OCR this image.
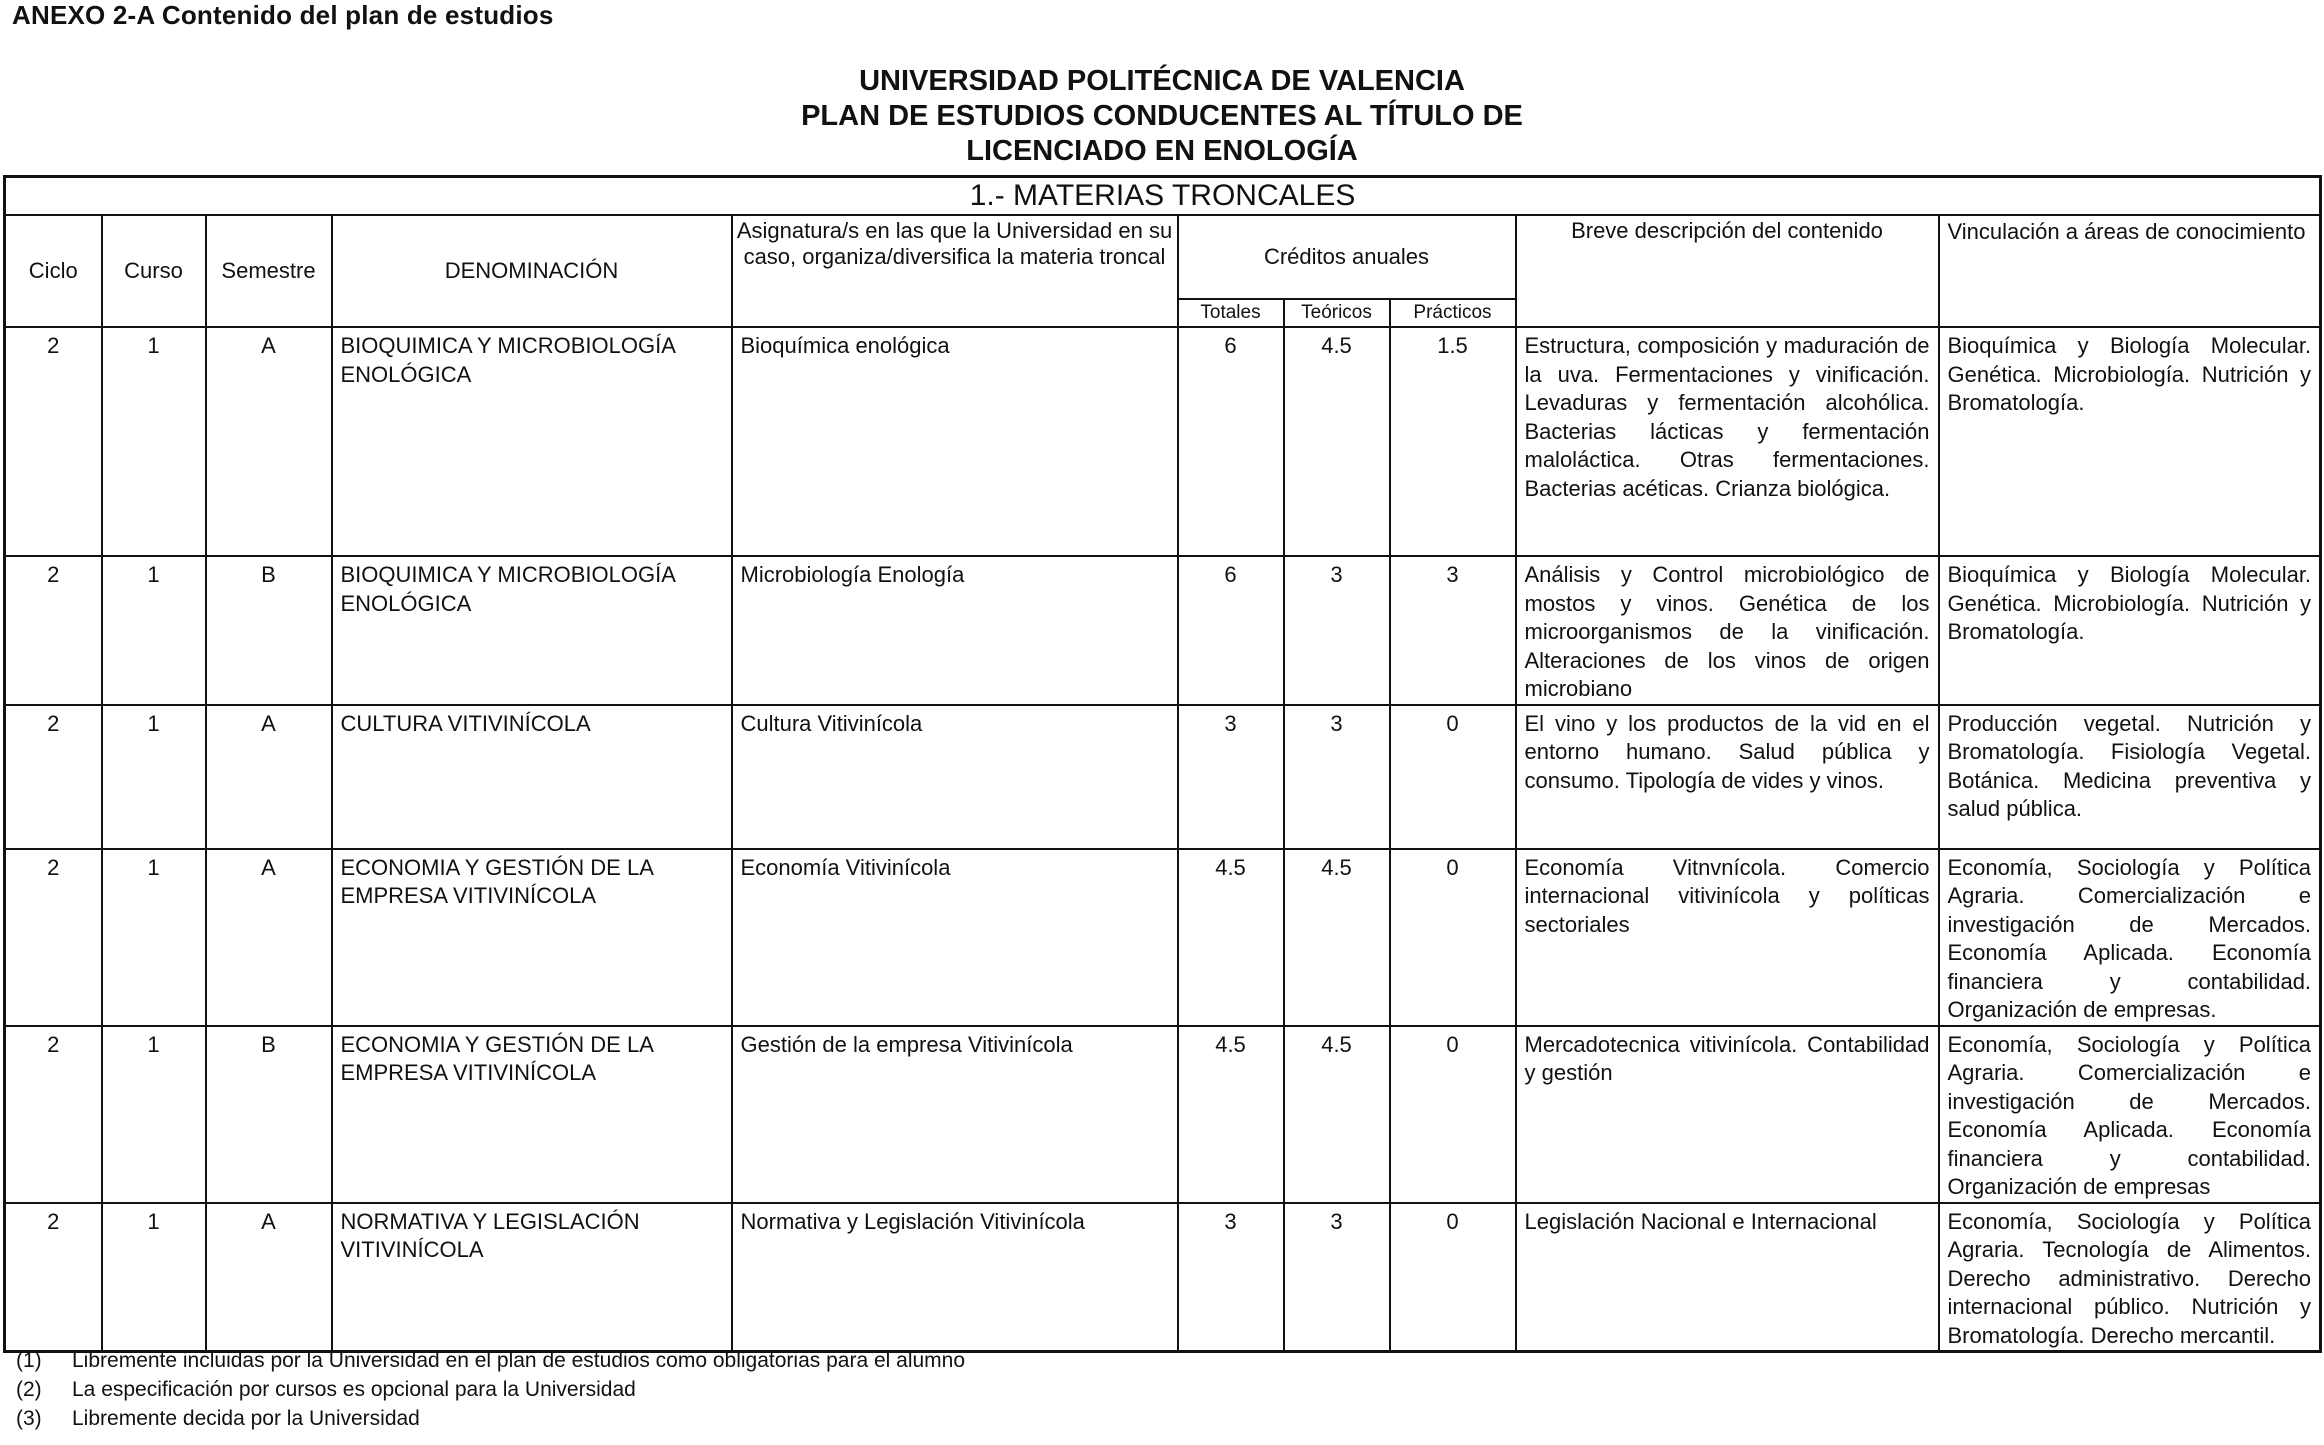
ANEXO 2-A Contenido del plan de estudios
UNIVERSIDAD POLITÉCNICA DE VALENCIA
PLAN DE ESTUDIOS CONDUCENTES AL TÍTULO DE
LICENCIADO EN ENOLOGÍA
1.- MATERIAS TRONCALES									
Ciclo	Curso	Semestre	DENOMINACIÓN	Asignatura/s en las que la Universidad en su caso, organiza/diversifica la materia troncal	Créditos anuales			Breve descripción del contenido	Vinculación a áreas de conocimiento
					Totales	Teóricos	Prácticos		
2	1	A	BIOQUIMICA Y MICROBIOLOGÍA ENOLÓGICA	Bioquímica enológica	6	4.5	1.5	Estructura, composición y maduración de la uva. Fermentaciones y vinificación. Levaduras y fermentación alcohólica. Bacterias lácticas y fermentación maloláctica. Otras fermentaciones. Bacterias acéticas. Crianza biológica.	Bioquímica y Biología Molecular. Genética. Microbiología. Nutrición y Bromatología.
2	1	B	BIOQUIMICA Y MICROBIOLOGÍA ENOLÓGICA	Microbiología Enología	6	3	3	Análisis y Control microbiológico de mostos y vinos. Genética de los microorganismos de la vinificación. Alteraciones de los vinos de origen microbiano	Bioquímica y Biología Molecular. Genética. Microbiología. Nutrición y Bromatología.
2	1	A	CULTURA VITIVINÍCOLA	Cultura Vitivinícola	3	3	0	El vino y los productos de la vid en el entorno humano. Salud pública y consumo. Tipología de vides y vinos.	Producción vegetal. Nutrición y Bromatología. Fisiología Vegetal. Botánica. Medicina preventiva y salud pública.
2	1	A	ECONOMIA Y GESTIÓN DE LA EMPRESA VITIVINÍCOLA	Economía Vitivinícola	4.5	4.5	0	Economía Vitnvnícola. Comercio internacional vitivinícola y políticas sectoriales	Economía, Sociología y Política Agraria. Comercialización e investigación de Mercados. Economía Aplicada. Economía financiera y contabilidad. Organización de empresas.
2	1	B	ECONOMIA Y GESTIÓN DE LA EMPRESA VITIVINÍCOLA	Gestión de la empresa Vitivinícola	4.5	4.5	0	Mercadotecnica vitivinícola. Contabilidad y gestión	Economía, Sociología y Política Agraria. Comercialización e investigación de Mercados. Economía Aplicada. Economía financiera y contabilidad. Organización de empresas
2	1	A	NORMATIVA Y LEGISLACIÓN VITIVINÍCOLA	Normativa y Legislación Vitivinícola	3	3	0	Legislación Nacional e Internacional	Economía, Sociología y Política Agraria. Tecnología de Alimentos. Derecho administrativo. Derecho internacional público. Nutrición y Bromatología. Derecho mercantil.
(1) Libremente incluidas por la Universidad en el plan de estudios como obligatorias para el alumno
(2) La especificación por cursos es opcional para la Universidad
(3) Libremente decida por la Universidad
